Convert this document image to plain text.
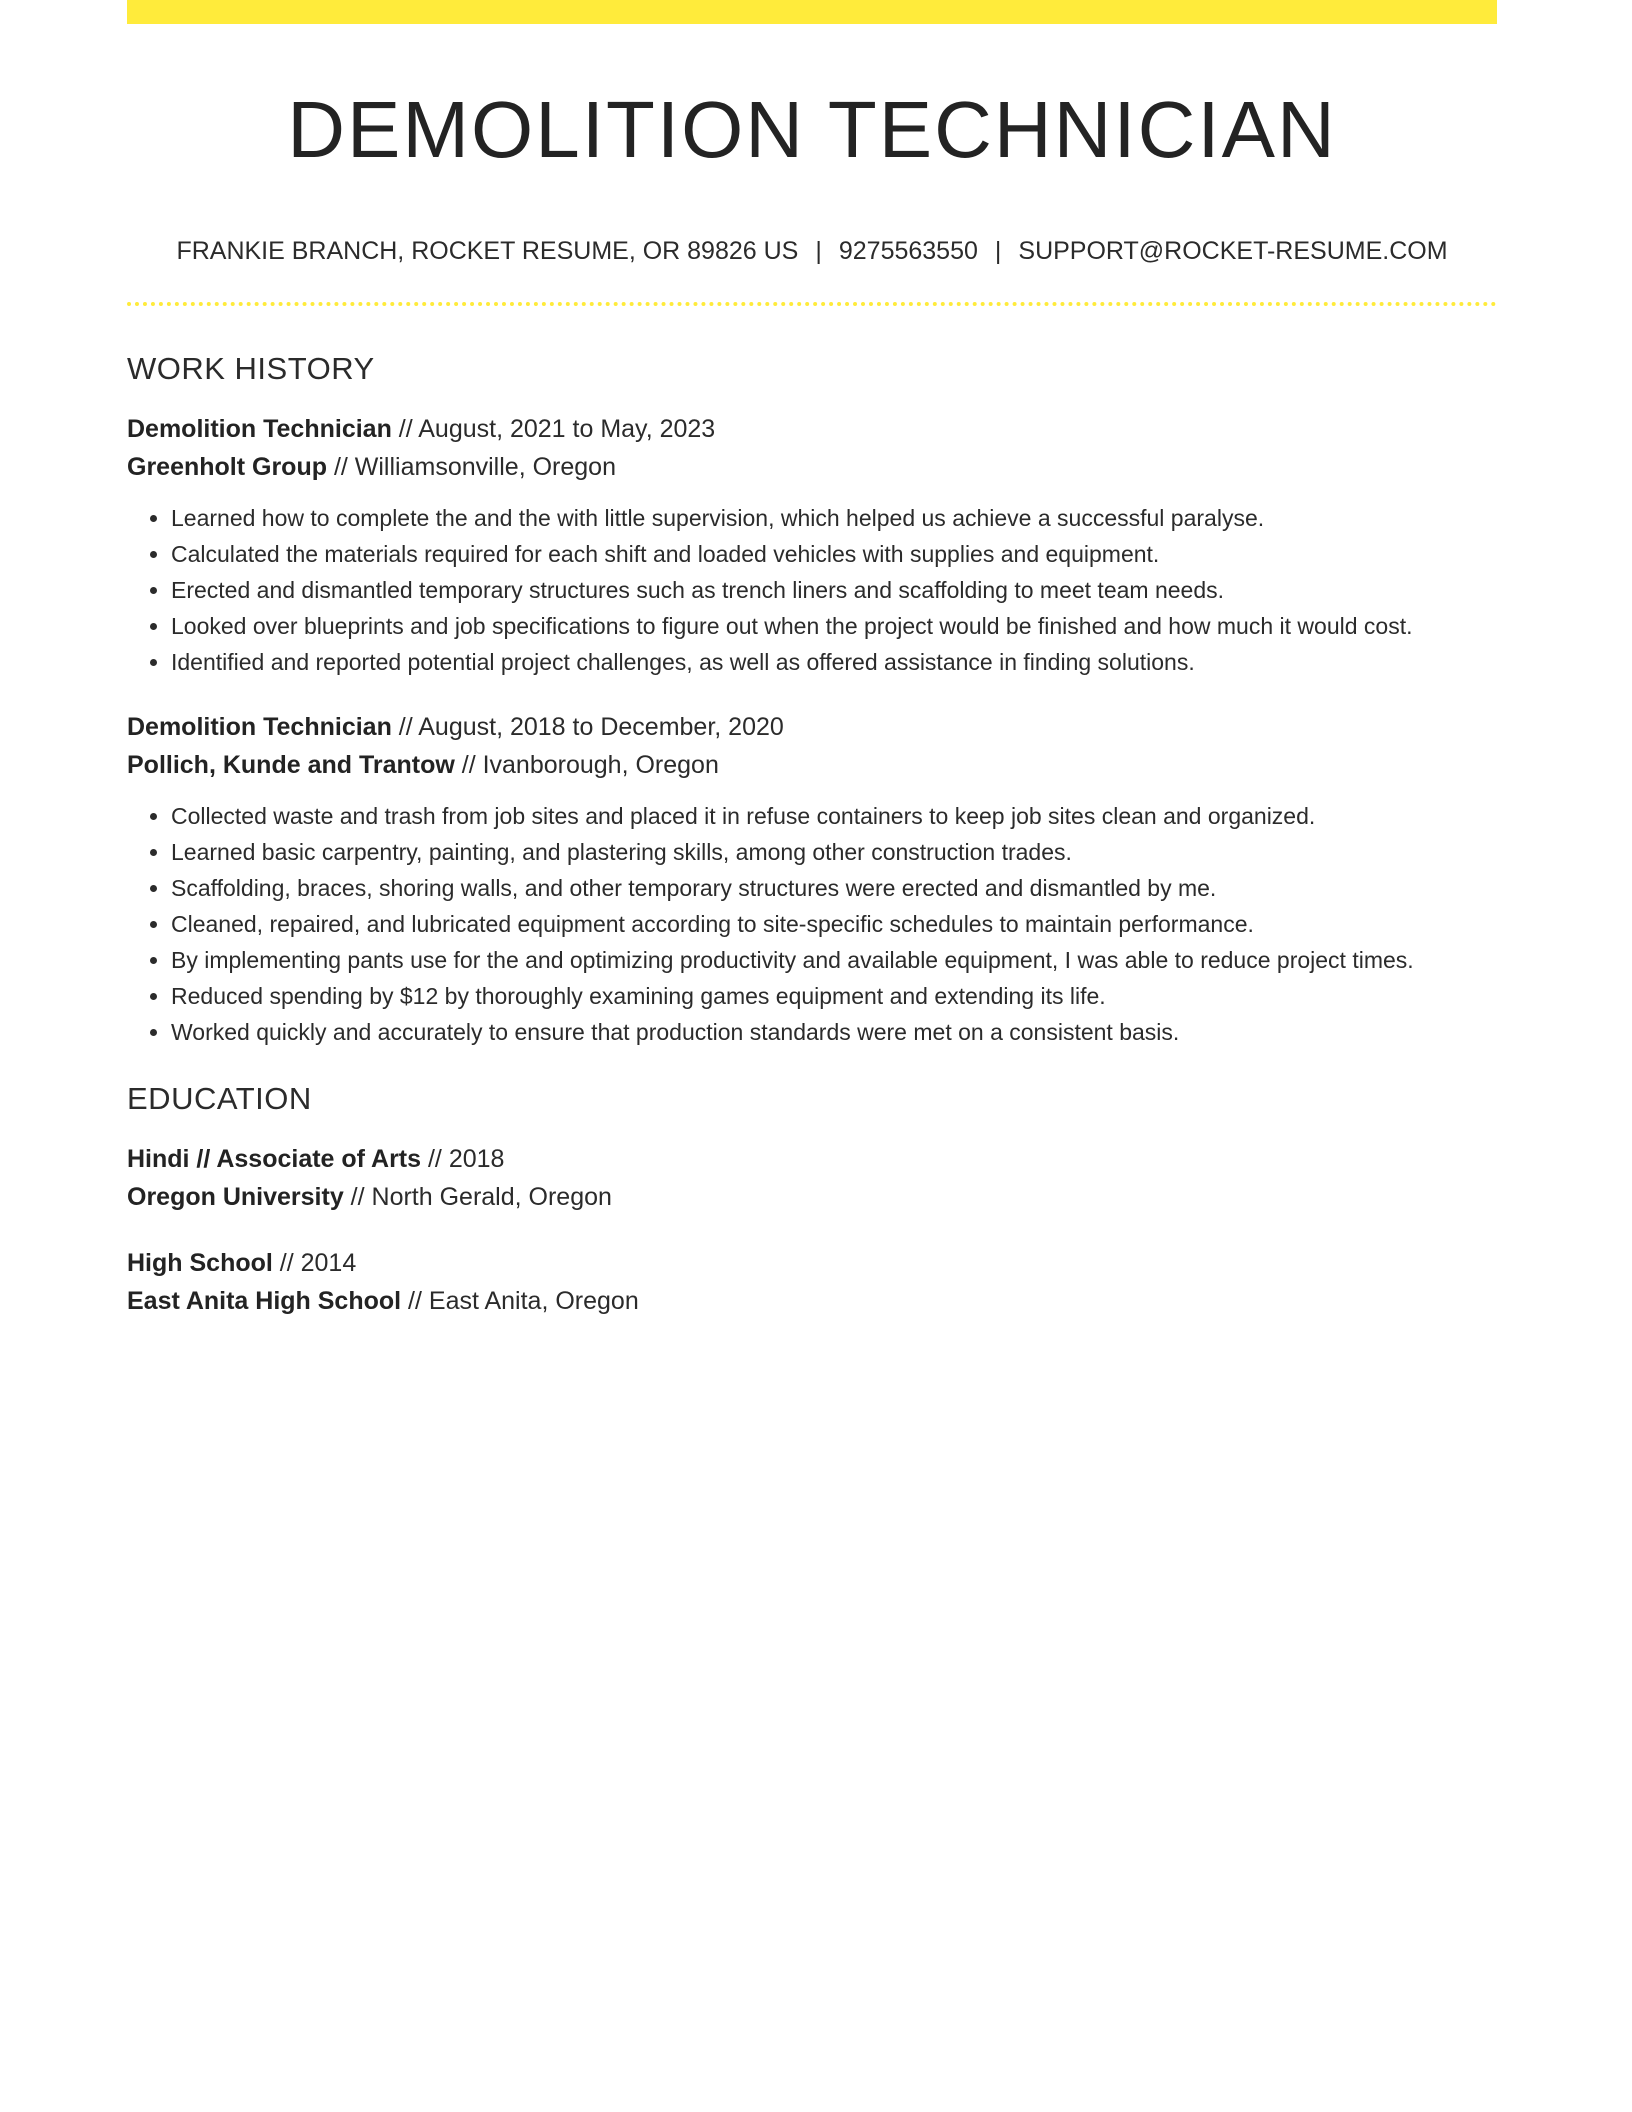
DEMOLITION TECHNICIAN
FRANKIE BRANCH, ROCKET RESUME, OR 89826 US | 9275563550 | SUPPORT@ROCKET-RESUME.COM
WORK HISTORY
Demolition Technician // August, 2021 to May, 2023
Greenholt Group // Williamsonville, Oregon
• Learned how to complete the and the with little supervision, which helped us achieve a successful paralyse.
• Calculated the materials required for each shift and loaded vehicles with supplies and equipment.
• Erected and dismantled temporary structures such as trench liners and scaffolding to meet team needs.
• Looked over blueprints and job specifications to figure out when the project would be finished and how much it would cost.
• Identified and reported potential project challenges, as well as offered assistance in finding solutions.
Demolition Technician // August, 2018 to December, 2020
Pollich, Kunde and Trantow // Ivanborough, Oregon
• Collected waste and trash from job sites and placed it in refuse containers to keep job sites clean and organized.
• Learned basic carpentry, painting, and plastering skills, among other construction trades.
• Scaffolding, braces, shoring walls, and other temporary structures were erected and dismantled by me.
• Cleaned, repaired, and lubricated equipment according to site-specific schedules to maintain performance.
• By implementing pants use for the and optimizing productivity and available equipment, I was able to reduce project times.
• Reduced spending by $12 by thoroughly examining games equipment and extending its life.
• Worked quickly and accurately to ensure that production standards were met on a consistent basis.
EDUCATION
Hindi // Associate of Arts // 2018
Oregon University // North Gerald, Oregon
High School // 2014
East Anita High School // East Anita, Oregon
